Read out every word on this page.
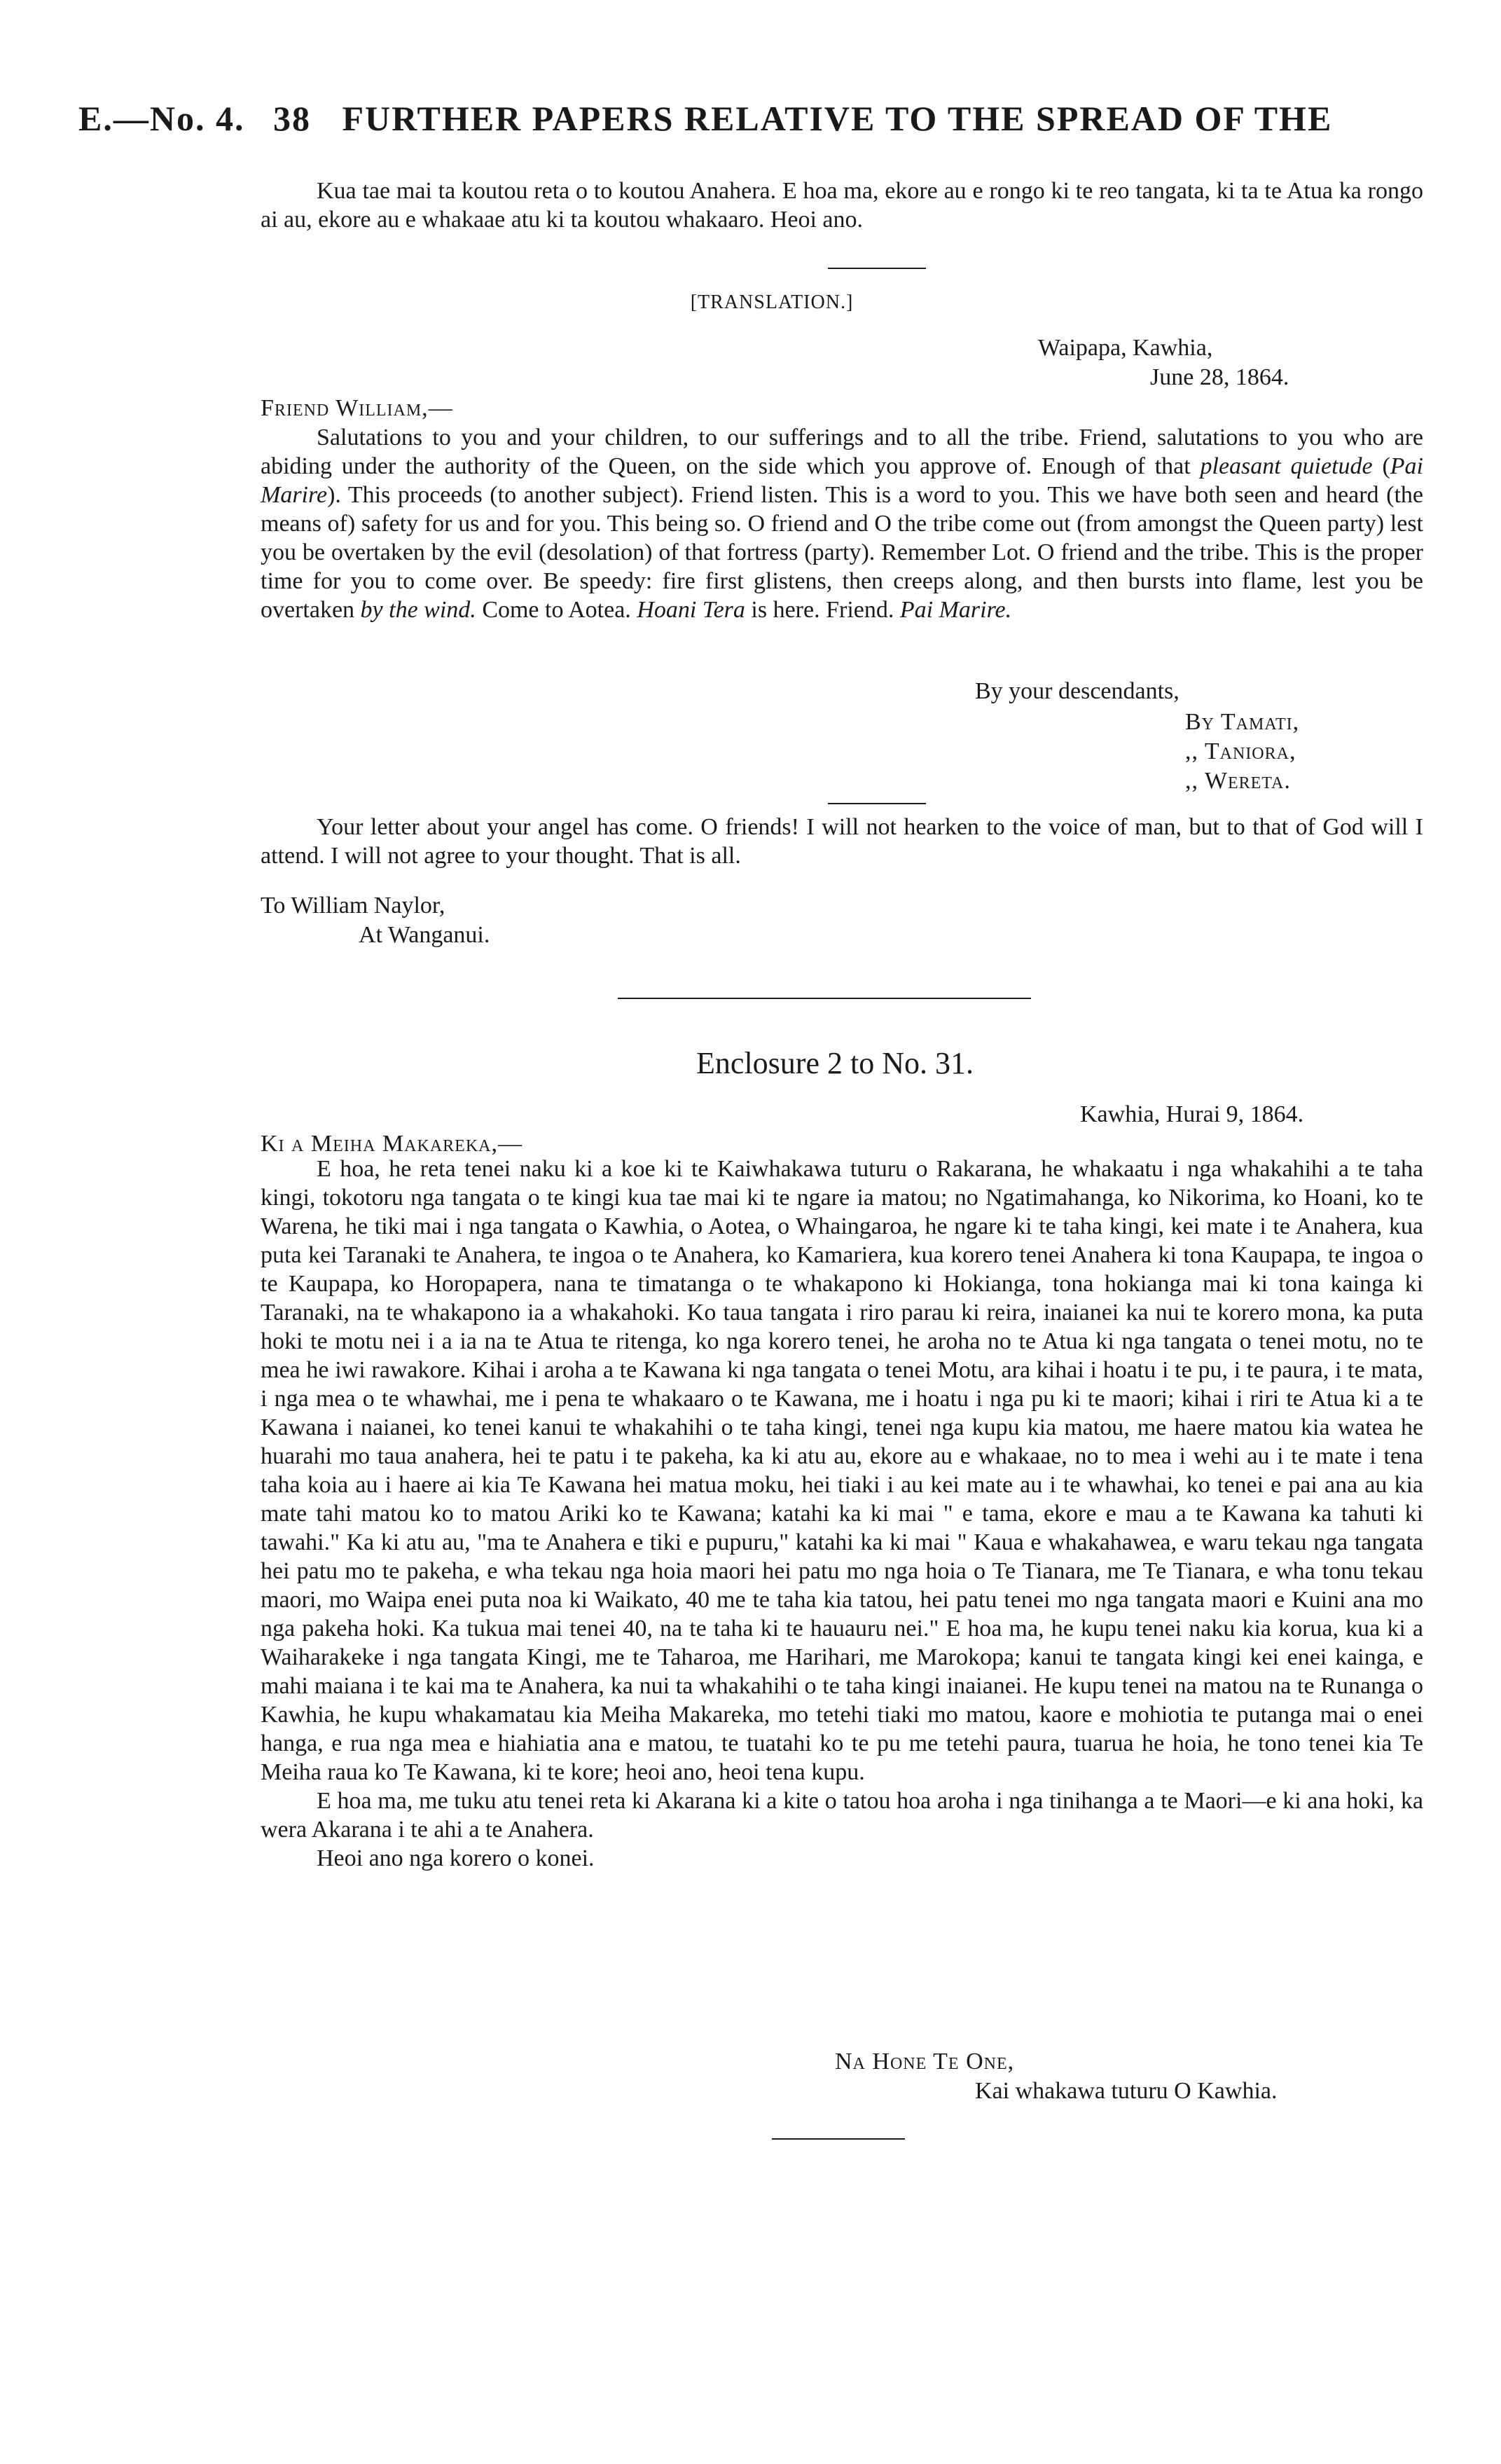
E.—No. 4. 38 FURTHER PAPERS RELATIVE TO THE SPREAD OF THE

Kua tae mai ta koutou reta o to koutou Anahera. E hoa ma, ekore au e rongo ki te reo tangata, ki ta te Atua ka rongo ai au, ekore au e whakaae atu ki ta koutou whakaaro. Heoi ano.

[TRANSLATION.]
Waipapa, Kawhia,
June 28, 1864.
Friend William,—

Salutations to you and your children, to our sufferings and to all the tribe. Friend, salutations to you who are abiding under the authority of the Queen, on the side which you approve of. Enough of that pleasant quietude (Pai Marire). This proceeds (to another subject). Friend listen. This is a word to you. This we have both seen and heard (the means of) safety for us and for you. This being so. O friend and O the tribe come out (from amongst the Queen party) lest you be overtaken by the evil (desolation) of that fortress (party). Remember Lot. O friend and the tribe. This is the proper time for you to come over. Be speedy: fire first glistens, then creeps along, and then bursts into flame, lest you be overtaken by the wind. Come to Aotea. Hoani Tera is here. Friend. Pai Marire.

By your descendants,
By Tamati,
,, Taniora,
,, Wereta.

Your letter about your angel has come. O friends! I will not hearken to the voice of man, but to that of God will I attend. I will not agree to your thought. That is all.

To William Naylor,
At Wanganui.
Enclosure 2 to No. 31.
Kawhia, Hurai 9, 1864.
Ki a Meiha Makareka,—

E hoa, he reta tenei naku ki a koe ki te Kaiwhakawa tuturu o Rakarana, he whakaatu i nga whakahihi a te taha kingi, tokotoru nga tangata o te kingi kua tae mai ki te ngare ia matou; no Ngatimahanga, ko Nikorima, ko Hoani, ko te Warena, he tiki mai i nga tangata o Kawhia, o Aotea, o Whaingaroa, he ngare ki te taha kingi, kei mate i te Anahera, kua puta kei Taranaki te Anahera, te ingoa o te Anahera, ko Kamariera, kua korero tenei Anahera ki tona Kaupapa, te ingoa o te Kaupapa, ko Horopapera, nana te timatanga o te whakapono ki Hokianga, tona hokianga mai ki tona kainga ki Taranaki, na te whakapono ia a whakahoki. Ko taua tangata i riro parau ki reira, inaianei ka nui te korero mona, ka puta hoki te motu nei i a ia na te Atua te ritenga, ko nga korero tenei, he aroha no te Atua ki nga tangata o tenei motu, no te mea he iwi rawakore. Kihai i aroha a te Kawana ki nga tangata o tenei Motu, ara kihai i hoatu i te pu, i te paura, i te mata, i nga mea o te whawhai, me i pena te whakaaro o te Kawana, me i hoatu i nga pu ki te maori; kihai i riri te Atua ki a te Kawana i naianei, ko tenei kanui te whakahihi o te taha kingi, tenei nga kupu kia matou, me haere matou kia watea he huarahi mo taua anahera, hei te patu i te pakeha, ka ki atu au, ekore au e whakaae, no to mea i wehi au i te mate i tena taha koia au i haere ai kia Te Kawana hei matua moku, hei tiaki i au kei mate au i te whawhai, ko tenei e pai ana au kia mate tahi matou ko to matou Ariki ko te Kawana; katahi ka ki mai " e tama, ekore e mau a te Kawana ka tahuti ki tawahi." Ka ki atu au, "ma te Anahera e tiki e pupuru," katahi ka ki mai " Kaua e whakahawea, e waru tekau nga tangata hei patu mo te pakeha, e wha tekau nga hoia maori hei patu mo nga hoia o Te Tianara, me Te Tianara, e wha tonu tekau maori, mo Waipa enei puta noa ki Waikato, 40 me te taha kia tatou, hei patu tenei mo nga tangata maori e Kuini ana mo nga pakeha hoki. Ka tukua mai tenei 40, na te taha ki te hauauru nei." E hoa ma, he kupu tenei naku kia korua, kua ki a Waiharakeke i nga tangata Kingi, me te Taharoa, me Harihari, me Marokopa; kanui te tangata kingi kei enei kainga, e mahi maiana i te kai ma te Anahera, ka nui ta whakahihi o te taha kingi inaianei. He kupu tenei na matou na te Runanga o Kawhia, he kupu whakamatau kia Meiha Makareka, mo tetehi tiaki mo matou, kaore e mohiotia te putanga mai o enei hanga, e rua nga mea e hiahiatia ana e matou, te tuatahi ko te pu me tetehi paura, tuarua he hoia, he tono tenei kia Te Meiha raua ko Te Kawana, ki te kore; heoi ano, heoi tena kupu.

E hoa ma, me tuku atu tenei reta ki Akarana ki a kite o tatou hoa aroha i nga tinihanga a te Maori—e ki ana hoki, ka wera Akarana i te ahi a te Anahera.

Heoi ano nga korero o konei.

Na Hone Te One,
Kai whakawa tuturu O Kawhia.
